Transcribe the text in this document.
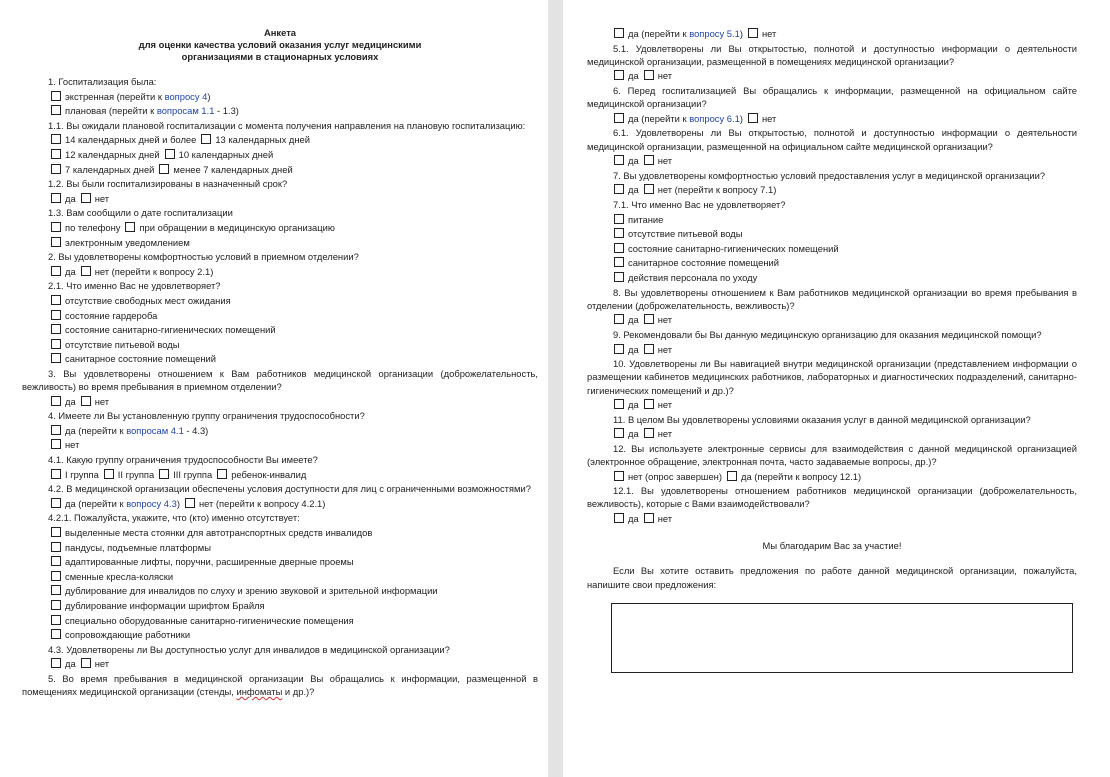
Анкета
для оценки качества условий оказания услуг медицинскими
организациями в стационарных условиях
1. Госпитализация была:
экстренная (перейти к вопросу 4)
плановая (перейти к вопросам 1.1 - 1.3)
1.1. Вы ожидали плановой госпитализации с момента получения направления на плановую госпитализацию:
14 календарных дней и более 13 календарных дней
12 календарных дней 10 календарных дней
7 календарных дней менее 7 календарных дней
1.2. Вы были госпитализированы в назначенный срок?
да нет
1.3. Вам сообщили о дате госпитализации
по телефону при обращении в медицинскую организацию
электронным уведомлением
2. Вы удовлетворены комфортностью условий в приемном отделении?
да нет (перейти к вопросу 2.1)
2.1. Что именно Вас не удовлетворяет?
отсутствие свободных мест ожидания
состояние гардероба
состояние санитарно-гигиенических помещений
отсутствие питьевой воды
санитарное состояние помещений
3. Вы удовлетворены отношением к Вам работников медицинской организации (доброжелательность, вежливость) во время пребывания в приемном отделении?
да нет
4. Имеете ли Вы установленную группу ограничения трудоспособности?
да (перейти к вопросам 4.1 - 4.3)
нет
4.1. Какую группу ограничения трудоспособности Вы имеете?
I группа II группа III группа ребенок-инвалид
4.2. В медицинской организации обеспечены условия доступности для лиц с ограниченными возможностями?
да (перейти к вопросу 4.3) нет (перейти к вопросу 4.2.1)
4.2.1. Пожалуйста, укажите, что (кто) именно отсутствует:
выделенные места стоянки для автотранспортных средств инвалидов
пандусы, подъемные платформы
адаптированные лифты, поручни, расширенные дверные проемы
сменные кресла-коляски
дублирование для инвалидов по слуху и зрению звуковой и зрительной информации
дублирование информации шрифтом Брайля
специально оборудованные санитарно-гигиенические помещения
сопровождающие работники
4.3. Удовлетворены ли Вы доступностью услуг для инвалидов в медицинской организации?
да нет
5. Во время пребывания в медицинской организации Вы обращались к информации, размещенной в помещениях медицинской организации (стенды, инфоматы и др.)?
да (перейти к вопросу 5.1) нет
5.1. Удовлетворены ли Вы открытостью, полнотой и доступностью информации о деятельности медицинской организации, размещенной в помещениях медицинской организации?
да нет
6. Перед госпитализацией Вы обращались к информации, размещенной на официальном сайте медицинской организации?
да (перейти к вопросу 6.1) нет
6.1. Удовлетворены ли Вы открытостью, полнотой и доступностью информации о деятельности медицинской организации, размещенной на официальном сайте медицинской организации?
да нет
7. Вы удовлетворены комфортностью условий предоставления услуг в медицинской организации?
да нет (перейти к вопросу 7.1)
7.1. Что именно Вас не удовлетворяет?
питание
отсутствие питьевой воды
состояние санитарно-гигиенических помещений
санитарное состояние помещений
действия персонала по уходу
8. Вы удовлетворены отношением к Вам работников медицинской организации во время пребывания в отделении (доброжелательность, вежливость)?
да нет
9. Рекомендовали бы Вы данную медицинскую организацию для оказания медицинской помощи?
да нет
10. Удовлетворены ли Вы навигацией внутри медицинской организации (представлением информации о размещении кабинетов медицинских работников, лабораторных и диагностических подразделений, санитарно-гигиенических помещений и др.)?
да нет
11. В целом Вы удовлетворены условиями оказания услуг в данной медицинской организации?
да нет
12. Вы используете электронные сервисы для взаимодействия с данной медицинской организацией (электронное обращение, электронная почта, часто задаваемые вопросы, др.)?
нет (опрос завершен) да (перейти к вопросу 12.1)
12.1. Вы удовлетворены отношением работников медицинской организации (доброжелательность, вежливость), которые с Вами взаимодействовали?
да нет
Мы благодарим Вас за участие!
Если Вы хотите оставить предложения по работе данной медицинской организации, пожалуйста, напишите свои предложения:
